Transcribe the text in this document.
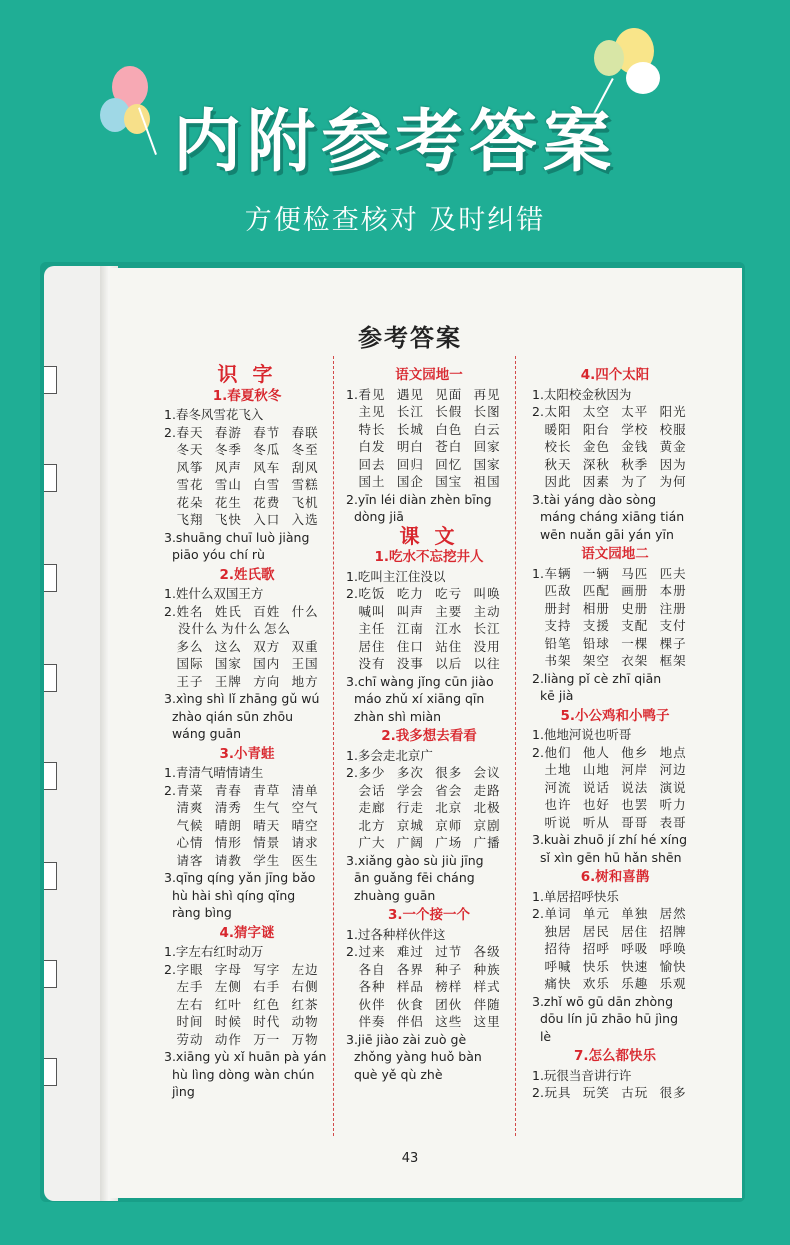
内附参考答案
方便检查核对 及时纠错
参考答案
识 字
1.春夏秋冬
1.春冬风雪花飞入
2. 春天 春游 春节 春联
冬天 冬季 冬瓜 冬至
风筝 风声 风车 刮风
雪花 雪山 白雪 雪糕
花朵 花生 花费 飞机
飞翔 飞快 入口 入选
3.shuāng chuī luò jiàng
piāo yóu chí rù
2.姓氏歌
1.姓什么双国王方
2. 姓名 姓氏 百姓 什么
没什么 为什么 怎么
多么 这么 双方 双重
国际 国家 国内 王国
王子 王牌 方向 地方
3.xìng shì lǐ zhāng gǔ wú
zhào qián sūn zhōu
wáng guān
3.小青蛙
1.青清气晴情请生
2. 青菜 青春 青草 清单
清爽 清秀 生气 空气
气候 晴朗 晴天 晴空
心情 情形 情景 请求
请客 请教 学生 医生
3.qīng qíng yǎn jīng bǎo
hù hài shì qíng qǐng
ràng bìng
4.猜字谜
1.字左右红时动万
2. 字眼 字母 写字 左边
左手 左侧 右手 右侧
左右 红叶 红色 红茶
时间 时候 时代 动物
劳动 动作 万一 万物
3.xiāng yù xǐ huān pà yán
hù lìng dòng wàn chún
jìng
语文园地一
1. 看见 遇见 见面 再见
主见 长江 长假 长图
特长 长城 白色 白云
白发 明白 苍白 回家
回去 回归 回忆 国家
国土 国企 国宝 祖国
2.yīn léi diàn zhèn bīng
dòng jiā
课 文
1.吃水不忘挖井人
1.吃叫主江住没以
2. 吃饭 吃力 吃亏 叫唤
喊叫 叫声 主要 主动
主任 江南 江水 长江
居住 住口 站住 没用
没有 没事 以后 以往
3.chī wàng jǐng cūn jiào
máo zhǔ xí xiāng qīn
zhàn shì miàn
2.我多想去看看
1.多会走北京广
2. 多少 多次 很多 会议
会话 学会 省会 走路
走廊 行走 北京 北极
北方 京城 京师 京剧
广大 广阔 广场 广播
3.xiǎng gào sù jiù jīng
ān guǎng fēi cháng
zhuàng guān
3.一个接一个
1.过各种样伙伴这
2. 过来 难过 过节 各级
各自 各界 种子 种族
各种 样品 榜样 样式
伙伴 伙食 团伙 伴随
伴奏 伴侣 这些 这里
3.jiē jiào zài zuò gè
zhǒng yàng huǒ bàn
què yě qù zhè
4.四个太阳
1.太阳校金秋因为
2. 太阳 太空 太平 阳光
暖阳 阳台 学校 校服
校长 金色 金钱 黄金
秋天 深秋 秋季 因为
因此 因素 为了 为何
3.tài yáng dào sòng
máng cháng xiāng tián
wēn nuǎn gāi yán yīn
语文园地二
1. 车辆 一辆 马匹 匹夫
匹敌 匹配 画册 本册
册封 相册 史册 注册
支持 支援 支配 支付
铅笔 铅球 一棵 棵子
书架 架空 衣架 框架
2.liàng pǐ cè zhī qiān
kē jià
5.小公鸡和小鸭子
1.他地河说也听哥
2. 他们 他人 他乡 地点
土地 山地 河岸 河边
河流 说话 说法 演说
也许 也好 也罢 听力
听说 听从 哥哥 表哥
3.kuài zhuō jí zhí hé xíng
sǐ xìn gēn hū hǎn shēn
6.树和喜鹊
1.单居招呼快乐
2. 单词 单元 单独 居然
独居 居民 居住 招牌
招待 招呼 呼吸 呼唤
呼喊 快乐 快速 愉快
痛快 欢乐 乐趣 乐观
3.zhǐ wō gū dān zhòng
dōu lín jū zhāo hū jìng
lè
7.怎么都快乐
1.玩很当音讲行许
2. 玩具 玩笑 古玩 很多
43
